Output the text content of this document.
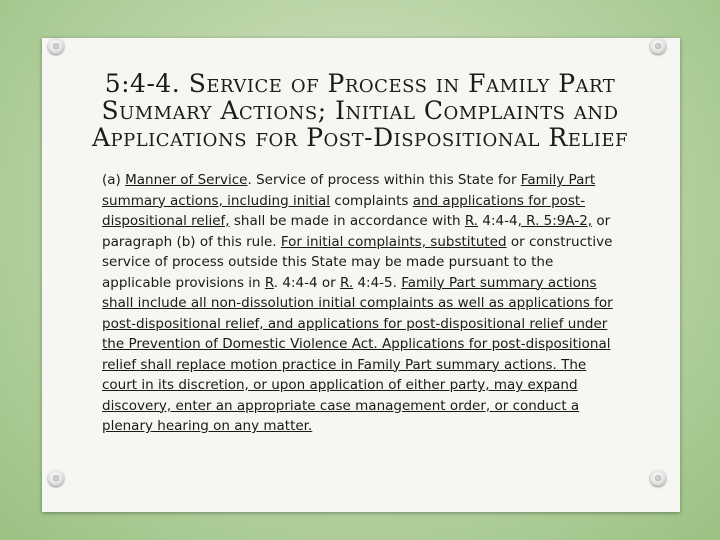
5:4-4. Service of Process in Family Part Summary Actions; Initial Complaints and Applications for Post-Dispositional Relief

(a) Manner of Service. Service of process within this State for Family Part summary actions, including initial complaints and applications for post-dispositional relief, shall be made in accordance with R. 4:4-4, R. 5:9A-2, or paragraph (b) of this rule. For initial complaints, substituted or constructive service of process outside this State may be made pursuant to the applicable provisions in R. 4:4-4 or R. 4:4-5. Family Part summary actions shall include all non-dissolution initial complaints as well as applications for post-dispositional relief, and applications for post-dispositional relief under the Prevention of Domestic Violence Act. Applications for post-dispositional relief shall replace motion practice in Family Part summary actions. The court in its discretion, or upon application of either party, may expand discovery, enter an appropriate case management order, or conduct a plenary hearing on any matter.
